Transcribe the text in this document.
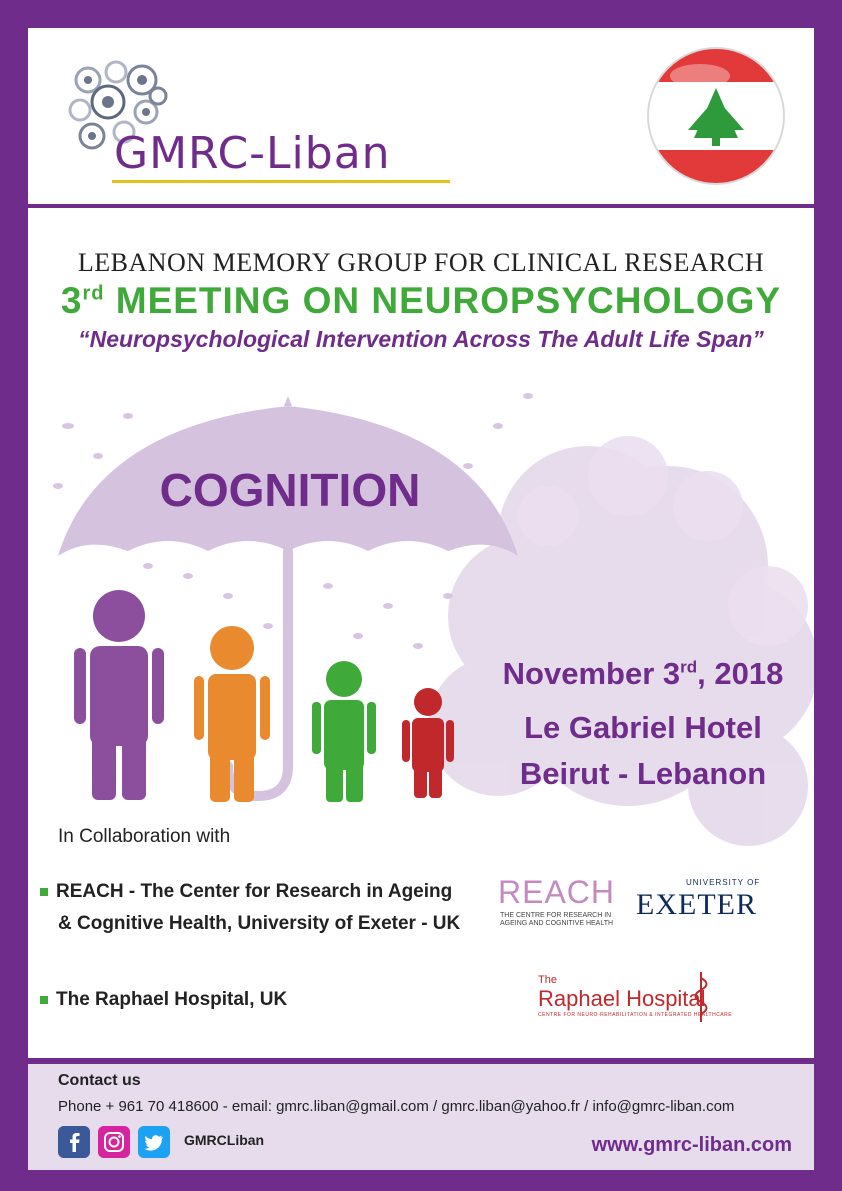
GMRC-Liban
LEBANON MEMORY GROUP FOR CLINICAL RESEARCH
3rd MEETING ON NEUROPSYCHOLOGY
“Neuropsychological Intervention Across The Adult Life Span”
COGNITION
November 3rd, 2018
Le Gabriel Hotel
Beirut - Lebanon
In Collaboration with
REACH - The Center for Research in Ageing
& Cognitive Health, University of Exeter - UK
The Raphael Hospital, UK
REACH
THE CENTRE FOR RESEARCH IN
AGEING AND COGNITIVE HEALTH
UNIVERSITY OF
EXETER
The
Raphael Hospital
CENTRE FOR NEURO-REHABILITATION & INTEGRATED HEALTHCARE
Contact us
Phone + 961 70 418600 - email: gmrc.liban@gmail.com / gmrc.liban@yahoo.fr / info@gmrc-liban.com
GMRCLiban	www.gmrc-liban.com
